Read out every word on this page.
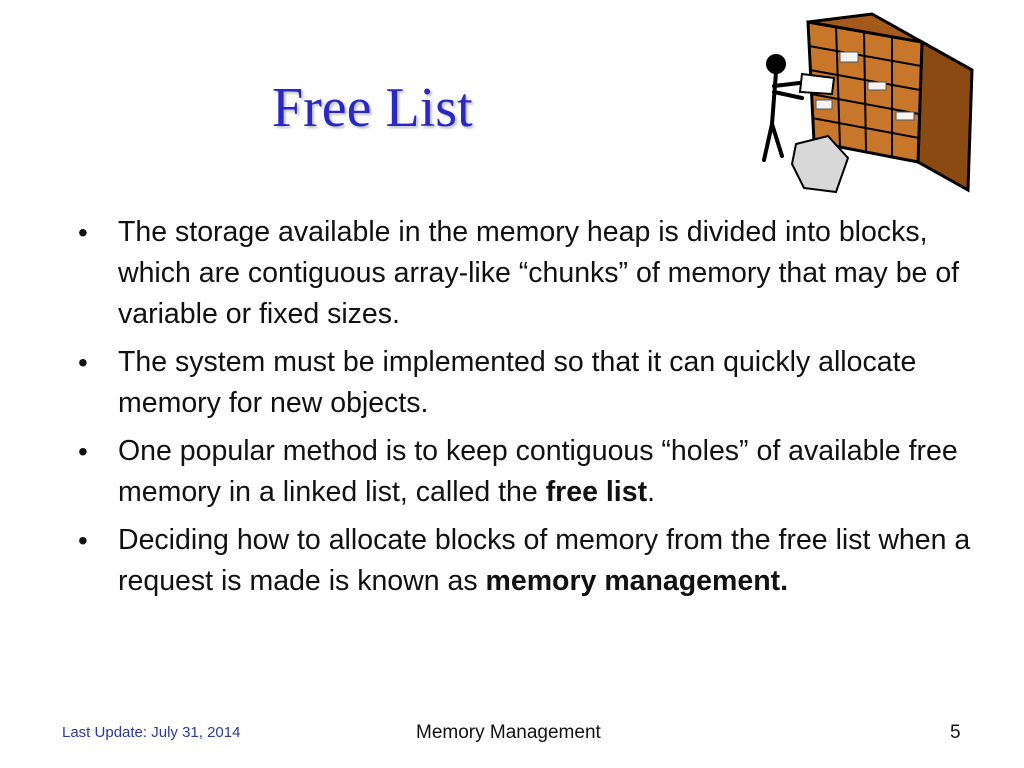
Free List
• The storage available in the memory heap is divided into blocks, which are contiguous array-like “chunks” of memory that may be of variable or fixed sizes.
• The system must be implemented so that it can quickly allocate memory for new objects.
• One popular method is to keep contiguous “holes” of available free memory in a linked list, called the free list.
• Deciding how to allocate blocks of memory from the free list when a request is made is known as memory management.
Last Update: July 31, 2014	Memory Management	5
